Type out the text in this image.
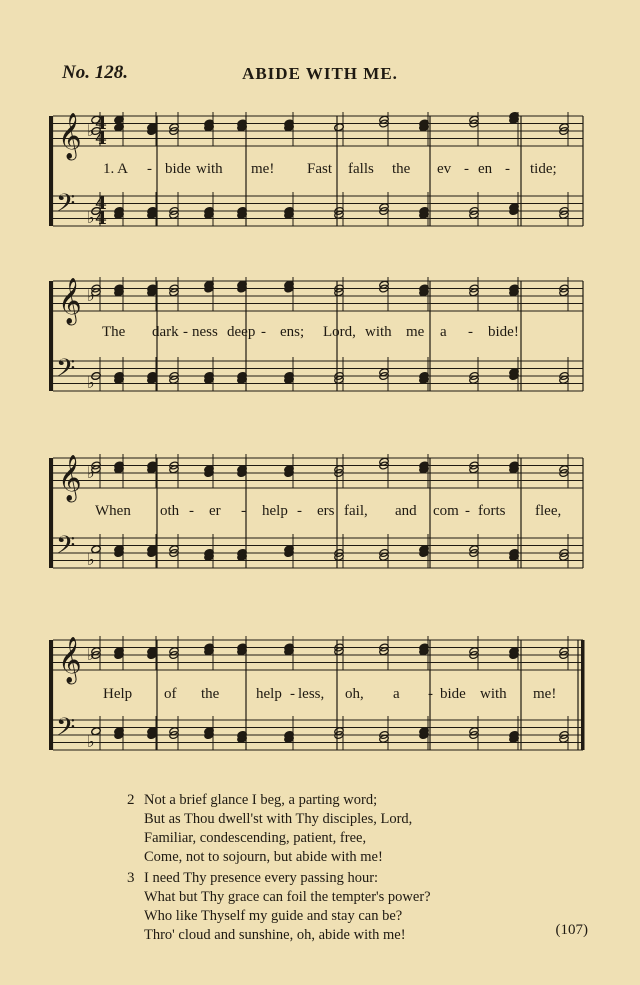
No. 128.	ABIDE WITH ME.
𝄞 ♭
𝄢 ♭
4
4
4
4
𝄞 ♭
𝄢 ♭
𝄞 ♭
𝄢 ♭
𝄞 ♭
𝄢 ♭
1. A - bide with me! Fast falls the ev - en - tide;
The dark - ness deep - ens; Lord, with me a - bide!
When oth - er - help - ers fail, and com - forts flee,
Help of the help - less, oh, a - bide with me!
2 Not a brief glance I beg, a parting word;
But as Thou dwell'st with Thy disciples, Lord,
Familiar, condescending, patient, free,
Come, not to sojourn, but abide with me!
3 I need Thy presence every passing hour:
What but Thy grace can foil the tempter's power?
Who like Thyself my guide and stay can be?
Thro' cloud and sunshine, oh, abide with me!	(107)
